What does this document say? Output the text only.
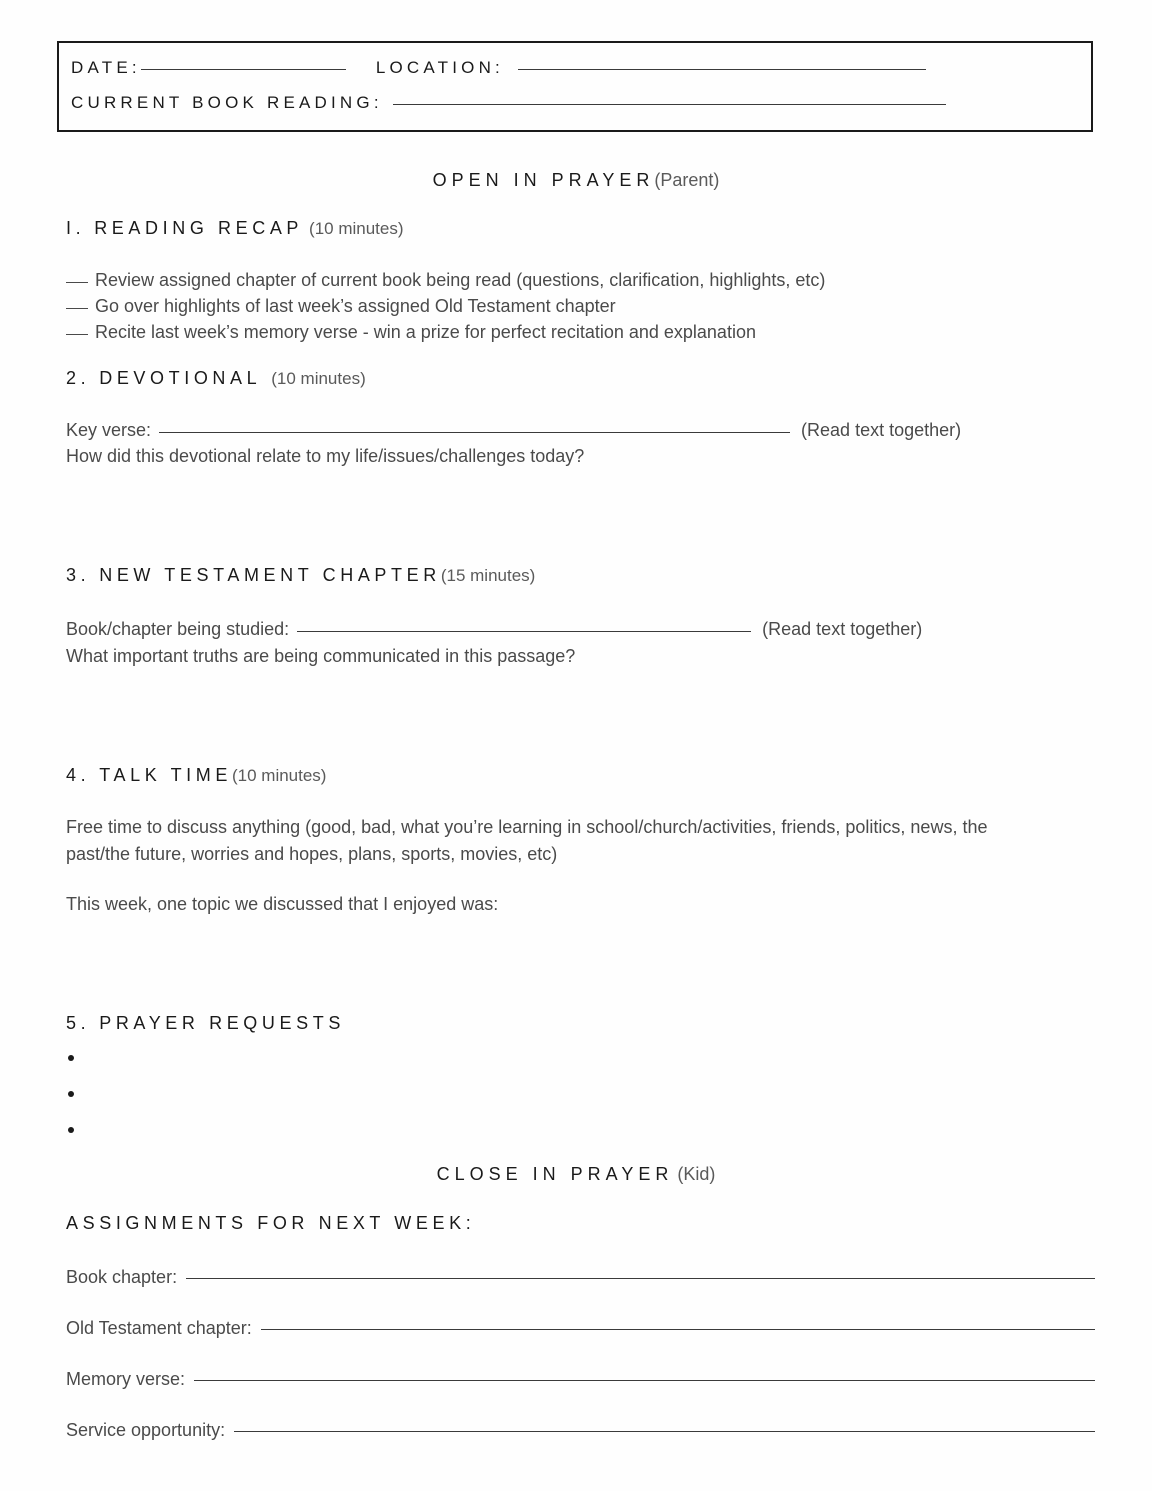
DATE:	LOCATION:
CURRENT BOOK READING:
OPEN IN PRAYER(Parent)
I. READING RECAP (10 minutes)
Review assigned chapter of current book being read (questions, clarification, highlights, etc)
Go over highlights of last week’s assigned Old Testament chapter
Recite last week’s memory verse - win a prize for perfect recitation and explanation
2. DEVOTIONAL (10 minutes)
Key verse:	(Read text together)
How did this devotional relate to my life/issues/challenges today?
3. NEW TESTAMENT CHAPTER(15 minutes)
Book/chapter being studied:	(Read text together)
What important truths are being communicated in this passage?
4. TALK TIME(10 minutes)
Free time to discuss anything (good, bad, what you’re learning in school/church/activities, friends, politics, news, the past/the future, worries and hopes, plans, sports, movies, etc)
This week, one topic we discussed that I enjoyed was:
5. PRAYER REQUESTS
CLOSE IN PRAYER (Kid)
ASSIGNMENTS FOR NEXT WEEK:
Book chapter:
Old Testament chapter:
Memory verse:
Service opportunity:
